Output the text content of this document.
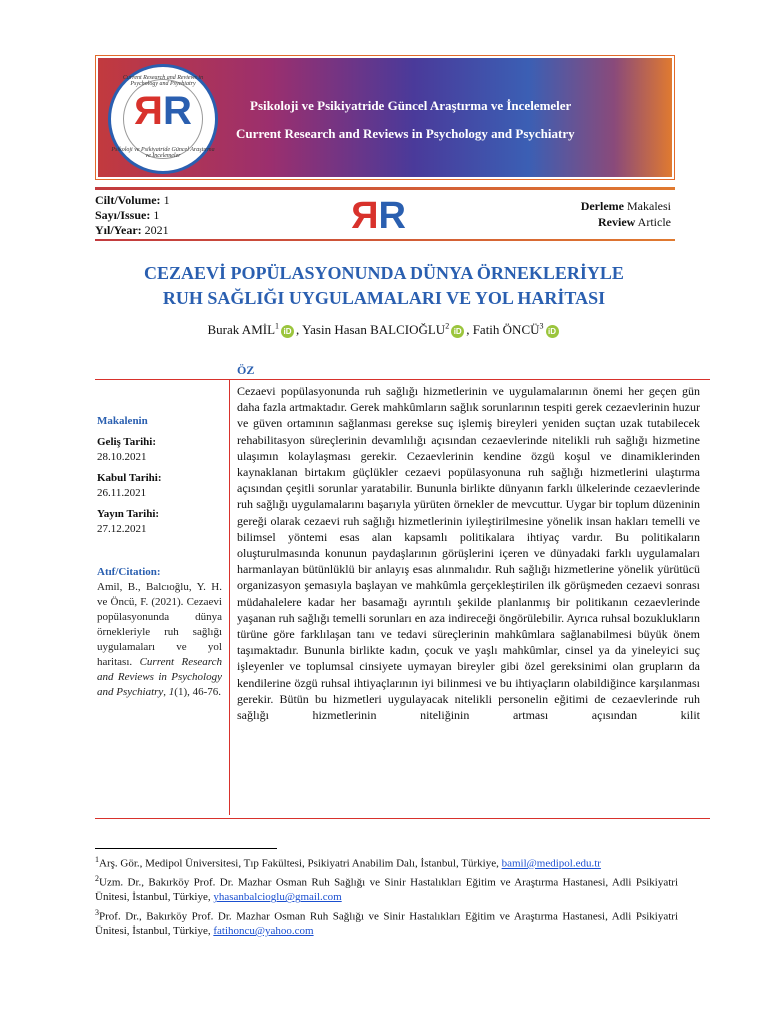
Current Research and Reviews in Psychology and Psychiatry
RR
Psikoloji ve Psikiyatride Güncel Araştırma ve İncelemeler
Psikoloji ve Psikiyatride Güncel Araştırma ve İncelemeler
Current Research and Reviews in Psychology and Psychiatry
Cilt/Volume: 1
Sayı/Issue: 1
Yıl/Year: 2021	RR	Derleme Makalesi
Review Article
CEZAEVİ POPÜLASYONUNDA DÜNYA ÖRNEKLERİYLE
RUH SAĞLIĞI UYGULAMALARI VE YOL HARİTASI
Burak AMİL$^1$iD , Yasin Hasan BALCIOĞLU$^2$iD , Fatih ÖNCÜ$^3$iD
ÖZ
Makalenin
Geliş Tarihi:
28.10.2021
Kabul Tarihi:
26.11.2021
Yayın Tarihi:
27.12.2021
Atıf/Citation:
Amil, B., Balcıoğlu, Y. H. ve Öncü, F. (2021). Cezaevi popülasyonunda dünya örnekleriyle ruh sağlığı uygulamaları ve yol haritası. Current Research and Reviews in Psychology and Psychiatry, 1(1), 46-76.
Cezaevi popülasyonunda ruh sağlığı hizmetlerinin ve uygulamalarının önemi her geçen gün daha fazla artmaktadır. Gerek mahkûmların sağlık sorunlarının tespiti gerek cezaevlerinin huzur ve güven ortamının sağlanması gerekse suç işlemiş bireyleri yeniden suçtan uzak tutabilecek rehabilitasyon süreçlerinin devamlılığı açısından cezaevlerinde nitelikli ruh sağlığı hizmetine ulaşımın kolaylaşması gerekir. Cezaevlerinin kendine özgü koşul ve dinamiklerinden kaynaklanan birtakım güçlükler cezaevi popülasyonuna ruh sağlığı hizmetlerini ulaştırma açısından çeşitli sorunlar yaratabilir. Bununla birlikte dünyanın farklı ülkelerinde cezaevlerinde ruh sağlığı uygulamalarını başarıyla yürüten örnekler de mevcuttur. Uygar bir toplum düzeninin gereği olarak cezaevi ruh sağlığı hizmetlerinin iyileştirilmesine yönelik insan hakları temelli ve bilimsel yöntemi esas alan kapsamlı politikalara ihtiyaç vardır. Bu politikaların oluşturulmasında konunun paydaşlarının görüşlerini içeren ve dünyadaki farklı uygulamaları harmanlayan bütünlüklü bir anlayış esas alınmalıdır. Ruh sağlığı hizmetlerine yönelik yürütücü organizasyon şemasıyla başlayan ve mahkûmla gerçekleştirilen ilk görüşmeden cezaevi sonrası müdahalelere kadar her basamağı ayrıntılı şekilde planlanmış bir politikanın cezaevlerinde yaşanan ruh sağlığı temelli sorunları en aza indireceği öngörülebilir. Ayrıca ruhsal bozuklukların türüne göre farklılaşan tanı ve tedavi süreçlerinin mahkûmlara sağlanabilmesi büyük önem taşımaktadır. Bununla birlikte kadın, çocuk ve yaşlı mahkûmlar, cinsel ya da yineleyici suç işleyenler ve toplumsal cinsiyete uymayan bireyler gibi özel gereksinimi olan grupların da kendilerine özgü ruhsal ihtiyaçlarının iyi bilinmesi ve bu ihtiyaçların olabildiğince karşılanması gerekir. Bütün bu hizmetleri uygulayacak nitelikli personelin eğitimi de cezaevlerinde ruh sağlığı hizmetlerinin niteliğinin artması açısından kilit
$^1$Arş. Gör., Medipol Üniversitesi, Tıp Fakültesi, Psikiyatri Anabilim Dalı, İstanbul, Türkiye, bamil@medipol.edu.tr
$^2$Uzm. Dr., Bakırköy Prof. Dr. Mazhar Osman Ruh Sağlığı ve Sinir Hastalıkları Eğitim ve Araştırma Hastanesi, Adli Psikiyatri Ünitesi, İstanbul, Türkiye, yhasanbalcioglu@gmail.com
$^3$Prof. Dr., Bakırköy Prof. Dr. Mazhar Osman Ruh Sağlığı ve Sinir Hastalıkları Eğitim ve Araştırma Hastanesi, Adli Psikiyatri Ünitesi, İstanbul, Türkiye, fatihoncu@yahoo.com
